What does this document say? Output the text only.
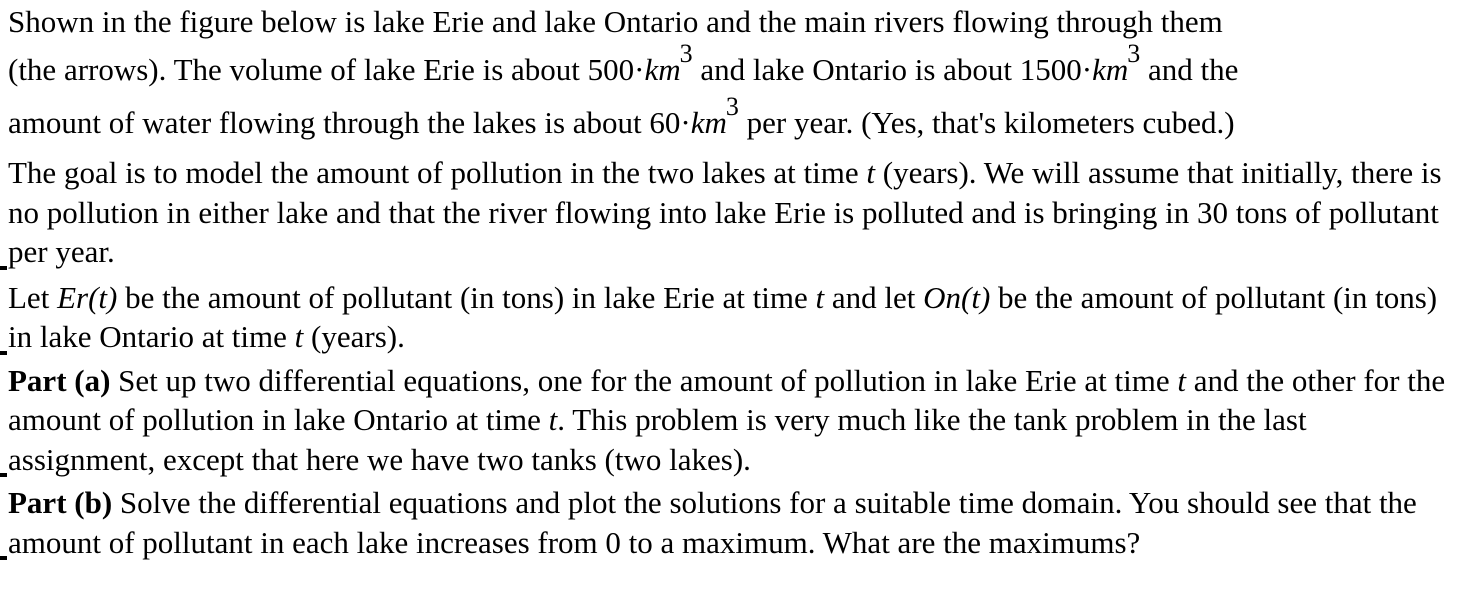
Shown in the figure below is lake Erie and lake Ontario and the main rivers flowing through them
(the arrows). The volume of lake Erie is about $500\cdot km^3$ and lake Ontario is about $1500\cdot km^3$ and the
amount of water flowing through the lakes is about $60\cdot km^3$ per year. (Yes, that's kilometers cubed.)

The goal is to model the amount of pollution in the two lakes at time t (years). We will assume that initially, there is no pollution in either lake and that the river flowing into lake Erie is polluted and is bringing in 30 tons of pollutant per year.

Let Er(t) be the amount of pollutant (in tons) in lake Erie at time t and let On(t) be the amount of pollutant (in tons) in lake Ontario at time t (years).

Part (a) Set up two differential equations, one for the amount of pollution in lake Erie at time t and the other for the amount of pollution in lake Ontario at time t. This problem is very much like the tank problem in the last assignment, except that here we have two tanks (two lakes).

Part (b) Solve the differential equations and plot the solutions for a suitable time domain. You should see that the amount of pollutant in each lake increases from 0 to a maximum. What are the maximums?
